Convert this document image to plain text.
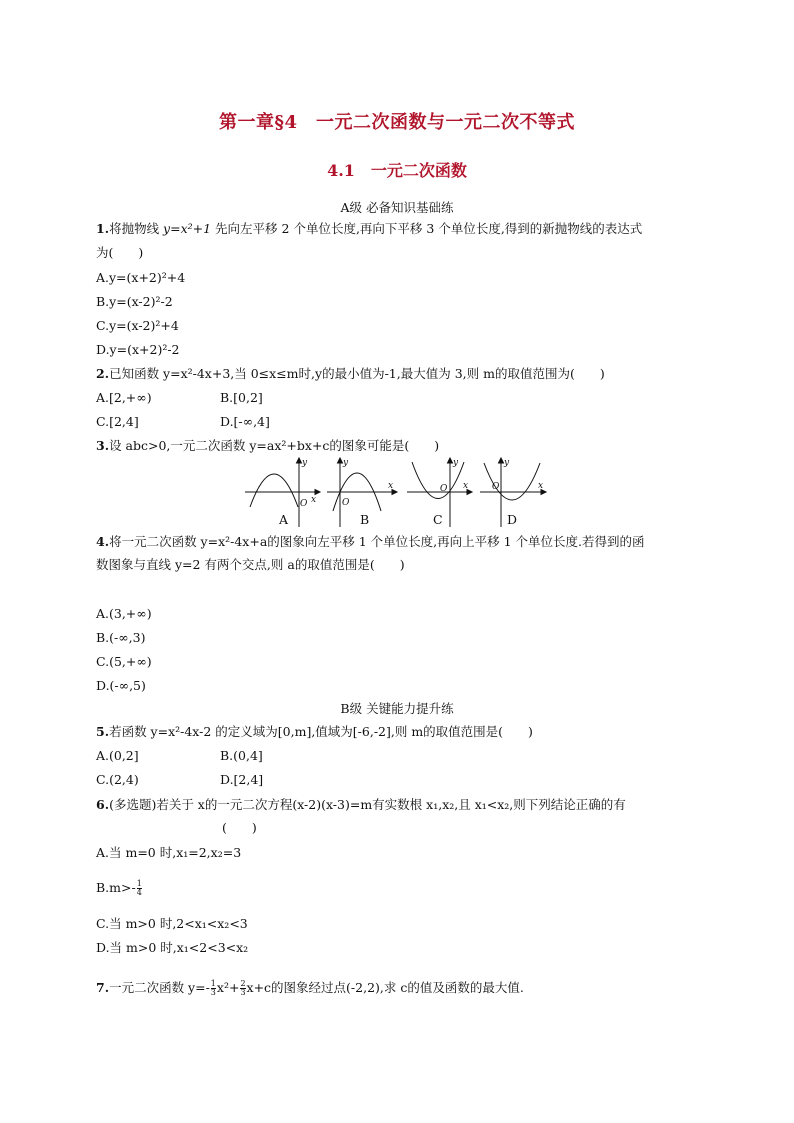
第一章§4　一元二次函数与一元二次不等式
4.1　一元二次函数
A级 必备知识基础练
1.将抛物线 y=x²+1 先向左平移 2 个单位长度,再向下平移 3 个单位长度,得到的新抛物线的表达式
为(　　)
A.y=(x+2)²+4
B.y=(x-2)²-2
C.y=(x-2)²+4
D.y=(x+2)²-2
2.已知函数 y=x²-4x+3,当 0≤x≤m时,y的最小值为-1,最大值为 3,则 m的取值范围为(　　)
A.[2,+∞)	B.[0,2]
C.[2,4]	D.[-∞,4]
3.设 abc>0,一元二次函数 y=ax²+bx+c的图象可能是(　　)
y
x
O
y
x
O
y
x
O
y
x
O
A	B	C	D
4.将一元二次函数 y=x²-4x+a的图象向左平移 1 个单位长度,再向上平移 1 个单位长度.若得到的函
数图象与直线 y=2 有两个交点,则 a的取值范围是(　　)
A.(3,+∞)
B.(-∞,3)
C.(5,+∞)
D.(-∞,5)
B级 关键能力提升练
5.若函数 y=x²-4x-2 的定义域为[0,m],值域为[-6,-2],则 m的取值范围是(　　)
A.(0,2]	B.(0,4]
C.(2,4)	D.[2,4]
6.(多选题)若关于 x的一元二次方程(x-2)(x-3)=m有实数根 x₁,x₂,且 x₁<x₂,则下列结论正确的有
(　　)
A.当 m=0 时,x₁=2,x₂=3
$B.m>- \frac{1}{4}$
C.当 m>0 时,2<x₁<x₂<3
D.当 m>0 时,x₁<2<3<x₂
7.一元二次函数 $y=- \frac{1}{3} x^2+ \frac{2}{3} x+c$的图象经过点(-2,2),求 c的值及函数的最大值.
